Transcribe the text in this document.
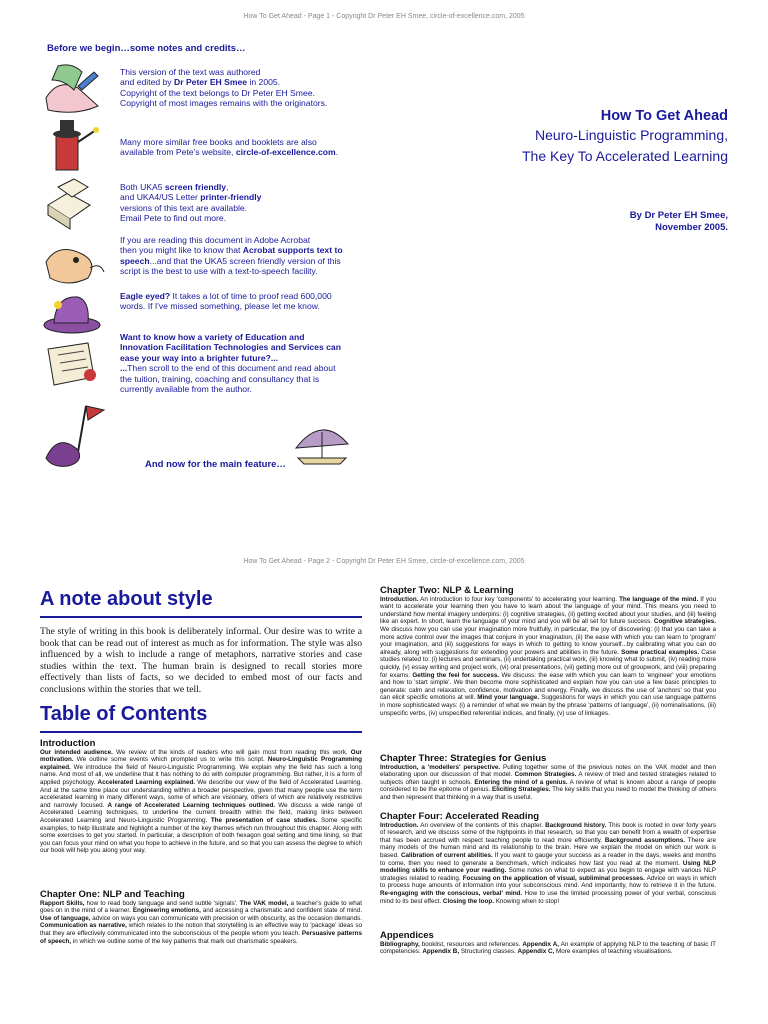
How To Get Ahead - Page 1 - Copyright Dr Peter EH Smee, circle-of-excellence.com, 2005
Before we begin…some notes and credits…
This version of the text was authored
and edited by Dr Peter EH Smee in 2005.
Copyright of the text belongs to Dr Peter EH Smee.
Copyright of most images remains with the originators.
Many more similar free books and booklets are also
available from Pete's website, circle-of-excellence.com.
Both UKA5 screen friendly,
and UKA4/US Letter printer-friendly
versions of this text are available.
Email Pete to find out more.
If you are reading this document in Adobe Acrobat
then you might like to know that Acrobat supports text to
speech...and that the UKA5 screen friendly version of this
script is the best to use with a text-to-speech facility.
Eagle eyed? It takes a lot of time to proof read 600,000
words. If I've missed something, please let me know.
Want to know how a variety of Education and
Innovation Facilitation Technologies and Services can
ease your way into a brighter future?...
...Then scroll to the end of this document and read about
the tuition, training, coaching and consultancy that is
currently available from the author.
And now for the main feature…
How To Get Ahead
Neuro-Linguistic Programming,
The Key To Accelerated Learning
By Dr Peter EH Smee,
November 2005.
How To Get Ahead - Page 2 - Copyright Dr Peter EH Smee, circle-of-excellence.com, 2005
A note about style
The style of writing in this book is deliberately informal. Our desire was to write a book that can be read out of interest as much as for information. The style was also influenced by a wish to include a range of metaphors, narrative stories and case studies within the text. The human brain is designed to recall stories more effectively than lists of facts, so we decided to embed most of our facts and conclusions within the stories that we tell.
Table of Contents
Introduction

Our intended audience. We review of the kinds of readers who will gain most from reading this work. Our motivation. We outline some events which prompted us to write this script. Neuro-Linguistic Programming explained. We introduce the field of Neuro-Linguistic Programming. We explain why the field has such a long name. And most of all, we underline that it has nothing to do with computer programming. But rather, it is a form of applied psychology. Accelerated Learning explained. We describe our view of the field of Accelerated Learning. And at the same time place our understanding within a broader perspective, given that many people use the term accelerated learning in many different ways, some of which are visionary, others of which are relatively restrictive and narrowly focused. A range of Accelerated Learning techniques outlined. We discuss a wide range of Accelerated Learning techniques, to underline the current breadth within the field, making links between Accelerated Learning and Neuro-Linguistic Programming. The presentation of case studies. Some specific examples, to help illustrate and highlight a number of the key themes which run throughout this chapter. Along with some exercises to get you started. In particular, a description of both hexagon goal setting and time lining, so that you can focus your mind on what you hope to achieve in the future, and so that you can assess the degree to which our book will help you along your way.

Chapter One: NLP and Teaching

Rapport Skills, how to read body language and send subtle 'signals'. The VAK model, a teacher's guide to what goes on in the mind of a learner. Engineering emotions, and accessing a charismatic and confident state of mind. Use of language, advice on ways you can communicate with precision or with obscurity, as the occasion demands. Communication as narrative, which relates to the notion that storytelling is an effective way to 'package' ideas so that they are effectively communicated into the subconscious of the people whom you teach. Persuasive patterns of speech, in which we outline some of the key patterns that mark out charismatic speakers.

Chapter Two: NLP & Learning

Introduction. An introduction to four key 'components' to accelerating your learning. The language of the mind. If you want to accelerate your learning then you have to learn about the language of your mind. This means you need to understand how mental imagery underpins: (i) cognitive strategies, (ii) getting excited about your studies, and (iii) feeling like an expert. In short, learn the language of your mind and you will be all set for future success. Cognitive strategies. We discuss how you can use your imagination more fruitfully, in particular, the joy of discovering: (i) that you can take a more active control over the images that conjure in your imagination, (ii) the ease with which you can learn to 'program' your imagination, and (iii) suggestions for ways in which to getting to know yourself...by calibrating what you can do already, along with suggestions for extending your powers and abilities in the future. Some practical examples. Case studies related to: (i) lectures and seminars, (ii) undertaking practical work, (iii) knowing what to submit, (iv) reading more quickly, (v) essay writing and project work, (vi) oral presentations, (vii) getting more out of groupwork, and (viii) preparing for exams. Getting the feel for success. We discuss: the ease with which you can learn to 'engineer' your emotions and how to 'start simple'. We then become more sophisticated and explain how you can use a few basic principles to generate: calm and relaxation, confidence, motivation and energy. Finally, we discuss the use of 'anchors' so that you can elicit specific emotions at will. Mind your language. Suggestions for ways in which you can use language patterns in more sophisticated ways: (i) a reminder of what we mean by the phrase 'patterns of language', (ii) nominalisations, (iii) unspecific verbs, (iv) unspecified referential indices, and finally, (v) use of linkages.

Chapter Three: Strategies for Genius

Introduction, a 'modellers' perspective. Pulling together some of the previous notes on the VAK model and then elaborating upon our discussion of that model. Common Strategies. A review of tried and tested strategies related to subjects often taught in schools. Entering the mind of a genius. A review of what is known about a range of people considered to be the epitome of genius. Eliciting Strategies. The key skills that you need to model the thinking of others and then represent that thinking in a way that is useful.

Chapter Four: Accelerated Reading

Introduction. An overview of the contents of this chapter. Background history. This book is rooted in over forty years of research, and we discuss some of the highpoints in that research, so that you can benefit from a wealth of expertise that has been accrued with respect teaching people to read more efficiently. Background assumptions. There are many models of the human mind and its relationship to the brain. Here we explain the model on which our work is based. Calibration of current abilities. If you want to gauge your success as a reader in the days, weeks and months to come, then you need to generate a benchmark, which indicates how fast you read at the moment. Using NLP modelling skills to enhance your reading. Some notes on what to expect as you begin to engage with various NLP strategies related to reading. Focusing on the application of visual, subliminal processes. Advice on ways in which to process huge amounts of information into your subconscious mind. And importantly, how to retrieve it in the future. Re-engaging with the conscious, verbal' mind. How to use the limited processing power of your verbal, conscious mind to its best effect. Closing the loop. Knowing when to stop!

Appendices

Bibliography, booklist, resources and references. Appendix A, An example of applying NLP to the teaching of basic IT competencies. Appendix B, Structuring classes. Appendix C, More examples of teaching visualisations.
